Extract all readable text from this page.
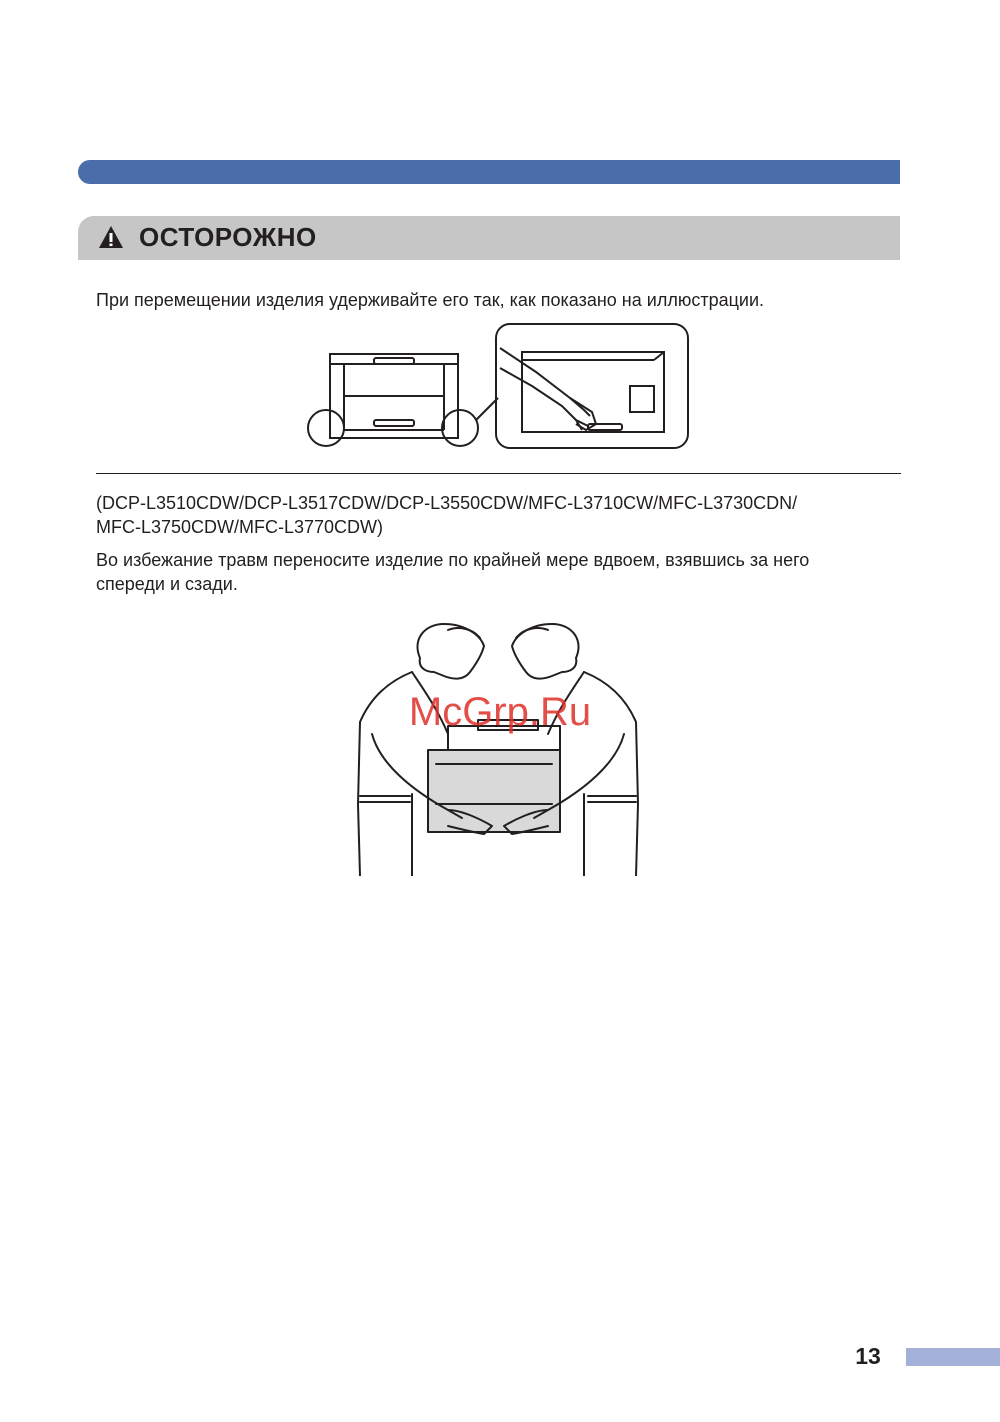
ОСТОРОЖНО
При перемещении изделия удерживайте его так, как показано на иллюстрации.
(DCP-L3510CDW/DCP-L3517CDW/DCP-L3550CDW/MFC-L3710CW/MFC-L3730CDN/
MFC-L3750CDW/MFC-L3770CDW)
Во избежание травм переносите изделие по крайней мере вдвоем, взявшись за него
спереди и сзади.
McGrp.Ru
13
